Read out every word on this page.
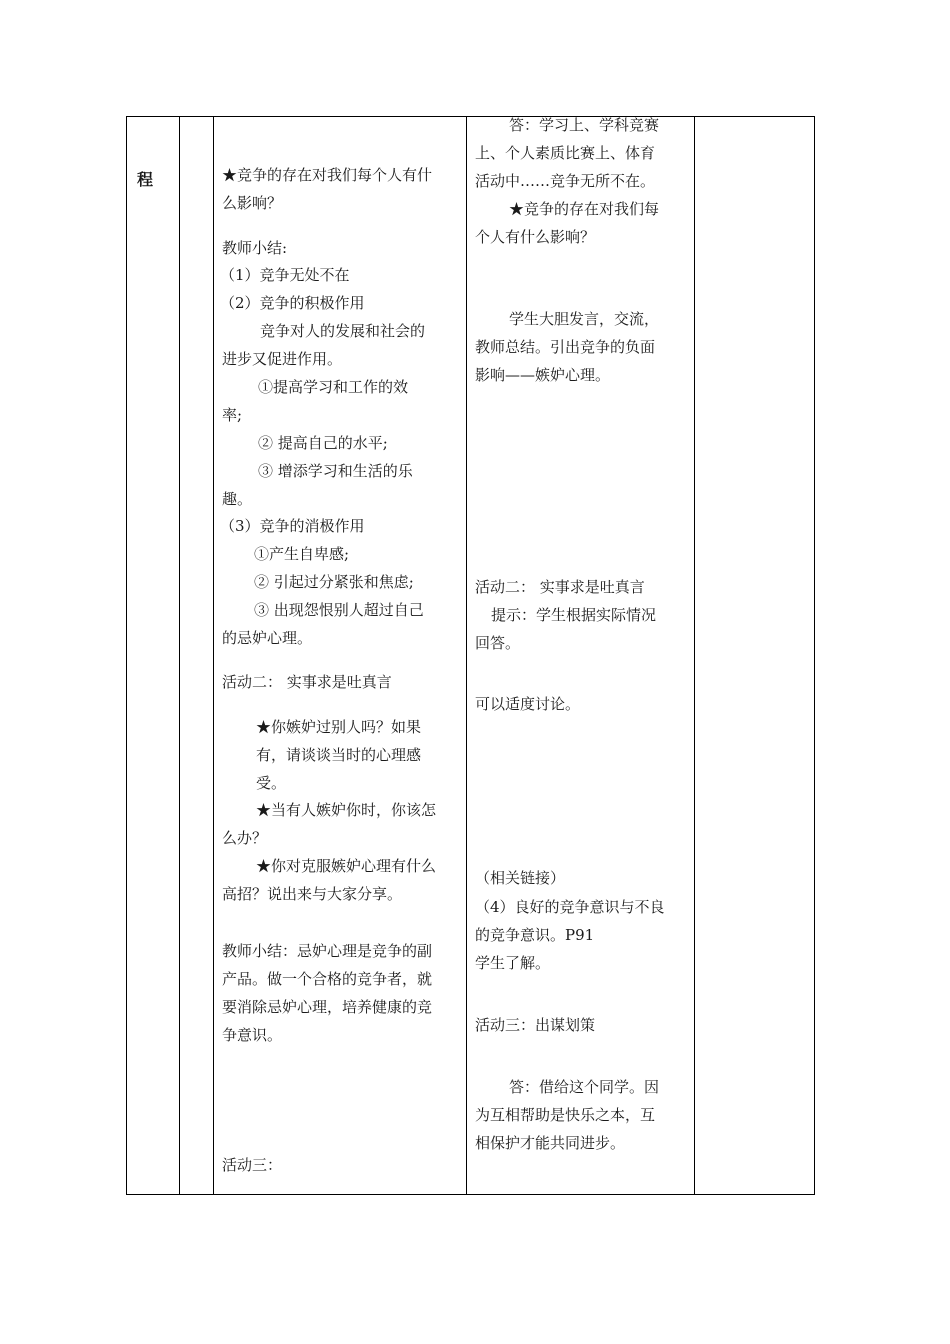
程	★竞争的存在对我们每个人有什
么影响？
教师小结:
（1）竞争无处不在
（2）竞争的积极作用
竞争对人的发展和社会的
进步又促进作用。
①提高学习和工作的效
率;
② 提高自己的水平;
③ 增添学习和生活的乐
趣。
（3）竞争的消极作用
①产生自卑感;
② 引起过分紧张和焦虑;
③ 出现怨恨别人超过自己
的忌妒心理。
活动二： 实事求是吐真言
★你嫉妒过别人吗？如果
有，请谈谈当时的心理感
受。
★当有人嫉妒你时，你该怎
么办？
★你对克服嫉妒心理有什么
高招？说出来与大家分享。
教师小结：忌妒心理是竞争的副
产品。做一个合格的竞争者，就
要消除忌妒心理，培养健康的竞
争意识。
活动三：
答：学习上、学科竞赛
上、个人素质比赛上、体育
活动中……竞争无所不在。
★竞争的存在对我们每
个人有什么影响？
学生大胆发言，交流，
教师总结。引出竞争的负面
影响——嫉妒心理。
活动二： 实事求是吐真言
提示：学生根据实际情况
回答。
可以适度讨论。
（相关链接）
（4）良好的竞争意识与不良
的竞争意识。P91
学生了解。
活动三：出谋划策
答：借给这个同学。因
为互相帮助是快乐之本，互
相保护才能共同进步。
